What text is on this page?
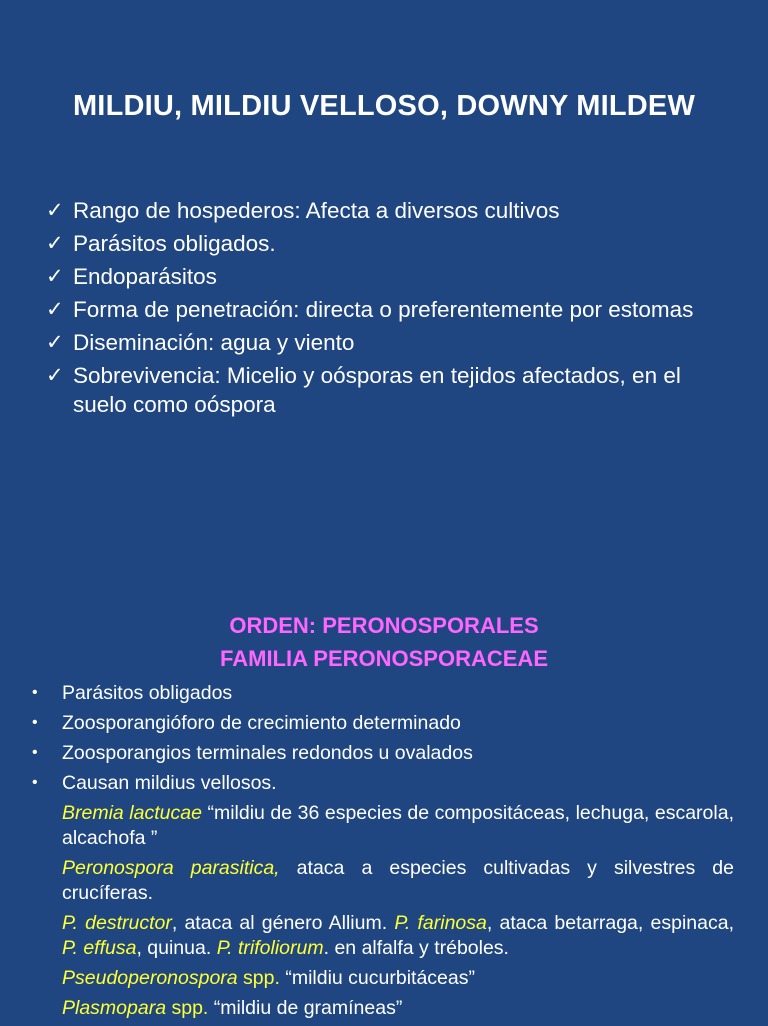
MILDIU, MILDIU VELLOSO, DOWNY MILDEW
✓ Rango de hospederos: Afecta a diversos cultivos
✓ Parásitos obligados.
✓ Endoparásitos
✓ Forma de penetración: directa o preferentemente por estomas
✓ Diseminación: agua y viento
✓ Sobrevivencia: Micelio y oósporas en tejidos afectados, en el suelo como oóspora
ORDEN: PERONOSPORALES
FAMILIA PERONOSPORACEAE
• Parásitos obligados
• Zoosporangióforo de crecimiento determinado
• Zoosporangios terminales redondos u ovalados
• Causan mildius vellosos.

Bremia lactucae “mildiu de 36 especies de compositáceas, lechuga, escarola, alcachofa ”

Peronospora parasitica, ataca a especies cultivadas y silvestres de crucíferas.

P. destructor, ataca al género Allium. P. farinosa, ataca betarraga, espinaca, P. effusa, quinua. P. trifoliorum. en alfalfa y tréboles.

Pseudoperonospora spp. “mildiu cucurbitáceas”

Plasmopara spp. “mildiu de gramíneas”
